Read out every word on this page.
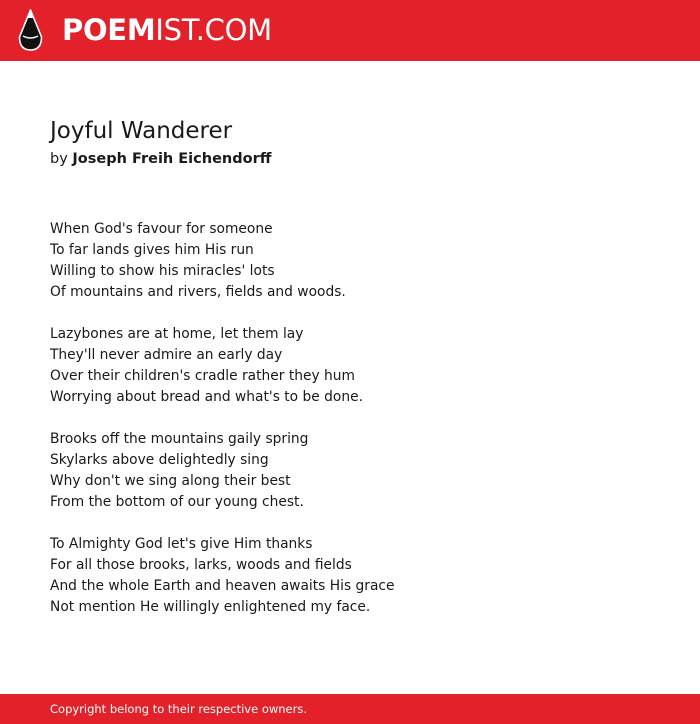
POEMIST.COM
Joyful Wanderer
by Joseph Freih Eichendorff
When God's favour for someone
To far lands gives him His run
Willing to show his miracles' lots
Of mountains and rivers, fields and woods.
Lazybones are at home, let them lay
They'll never admire an early day
Over their children's cradle rather they hum
Worrying about bread and what's to be done.
Brooks off the mountains gaily spring
Skylarks above delightedly sing
Why don't we sing along their best
From the bottom of our young chest.
To Almighty God let's give Him thanks
For all those brooks, larks, woods and fields
And the whole Earth and heaven awaits His grace
Not mention He willingly enlightened my face.
Copyright belong to their respective owners.
